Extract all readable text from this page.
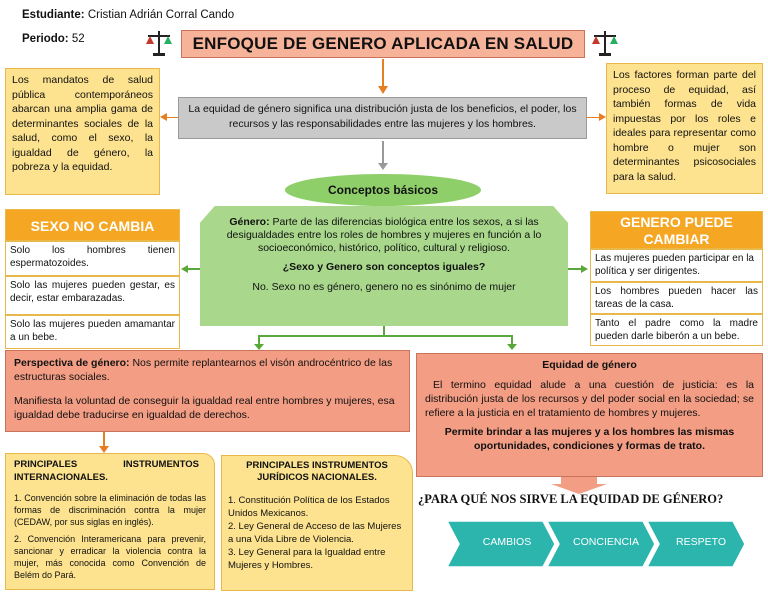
Estudiante: Cristian Adrián Corral Cando
Periodo: 52	ENFOQUE DE GENERO APLICADA EN SALUD
Los mandatos de salud pública contemporáneos abarcan una amplia gama de determinantes sociales de la salud, como el sexo, la igualdad de género, la pobreza y la equidad.
Los factores forman parte del proceso de equidad, así también formas de vida impuestas por los roles e ideales para representar como hombre o mujer son determinantes psicosociales para la salud.
La equidad de género significa una distribución justa de los beneficios, el poder, los recursos y las responsabilidades entre las mujeres y los hombres.
Conceptos básicos
Género: Parte de las diferencias biológica entre los sexos, a si las desigualdades entre los roles de hombres y mujeres en función a lo socioeconómico, histórico, político, cultural y religioso.
¿Sexo y Genero son conceptos iguales?
No. Sexo no es género, genero no es sinónimo de mujer
SEXO NO CAMBIA
Solo los hombres tienen espermatozoides.
Solo las mujeres pueden gestar, es decir, estar embarazadas.
Solo las mujeres pueden amamantar a un bebe.
GENERO PUEDE CAMBIAR
Las mujeres pueden participar en la política y ser dirigentes.
Los hombres pueden hacer las tareas de la casa.
Tanto el padre como la madre pueden darle biberón a un bebe.
Perspectiva de género: Nos permite replantearnos el visón androcéntrico de las estructuras sociales.
Manifiesta la voluntad de conseguir la igualdad real entre hombres y mujeres, esa igualdad debe traducirse en igualdad de derechos.
Equidad de género
El termino equidad alude a una cuestión de justicia: es la distribución justa de los recursos y del poder social en la sociedad; se refiere a la justicia en el tratamiento de hombres y mujeres.
Permite brindar a las mujeres y a los hombres las mismas oportunidades, condiciones y formas de trato.
PRINCIPALES INSTRUMENTOS INTERNACIONALES.
1. Convención sobre la eliminación de todas las formas de discriminación contra la mujer (CEDAW, por sus siglas en inglés).
2. Convención Interamericana para prevenir, sancionar y erradicar la violencia contra la mujer, más conocida como Convención de Belém do Pará.
PRINCIPALES INSTRUMENTOS JURÍDICOS NACIONALES.
1. Constitución Política de los Estados Unidos Mexicanos.
2. Ley General de Acceso de las Mujeres a una Vida Libre de Violencia.
3. Ley General para la Igualdad entre Mujeres y Hombres.
¿PARA QUÉ NOS SIRVE LA EQUIDAD DE GÉNERO?
CAMBIOS	CONCIENCIA	RESPETO
